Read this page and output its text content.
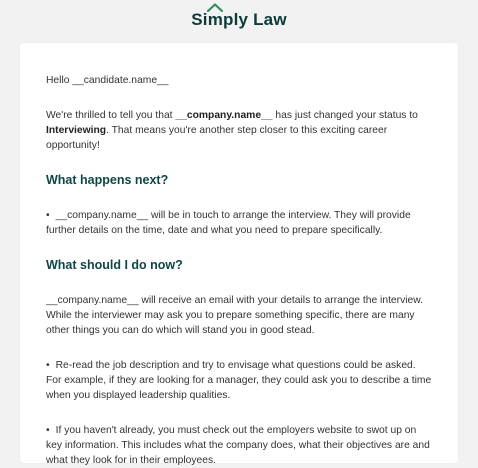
Si m ply Law

Hello __candidate.name__

We're thrilled to tell you that __company.name__ has just changed your status to Interviewing. That means you're another step closer to this exciting career opportunity!

What happens next?

• __company.name__ will be in touch to arrange the interview. They will provide further details on the time, date and what you need to prepare specifically.

What should I do now?

__company.name__ will receive an email with your details to arrange the interview. While the interviewer may ask you to prepare something specific, there are many other things you can do which will stand you in good stead.

• Re-read the job description and try to envisage what questions could be asked. For example, if they are looking for a manager, they could ask you to describe a time when you displayed leadership qualities.

• If you haven't already, you must check out the employers website to swot up on key information. This includes what the company does, what their objectives are and what they look for in their employees.
